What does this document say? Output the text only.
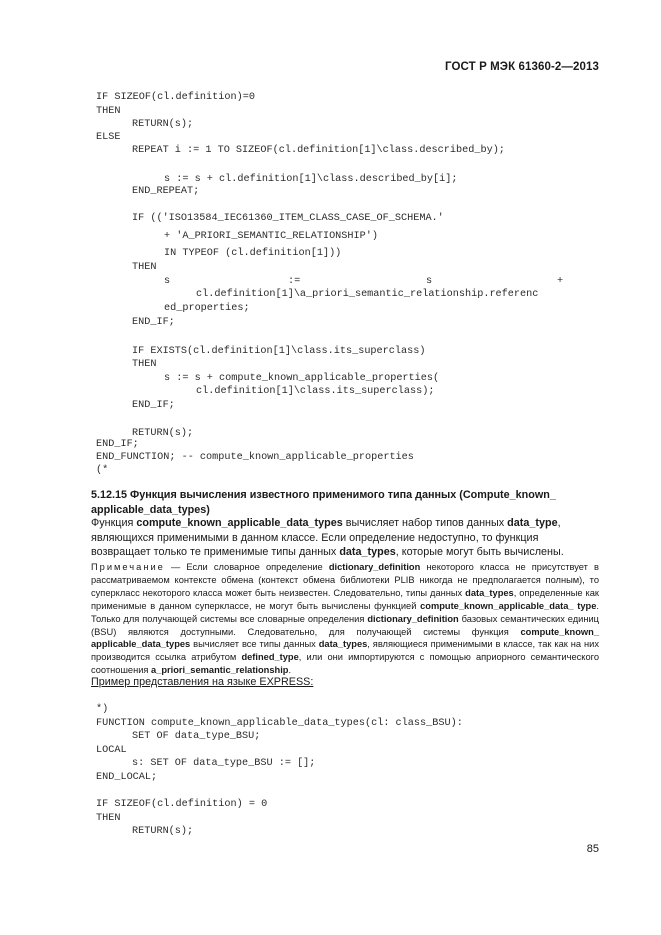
ГОСТ Р МЭК 61360-2—2013

IF SIZEOF(cl.definition)=0

THEN

RETURN(s);

ELSE

REPEAT i := 1 TO SIZEOF(cl.definition[1]\class.described_by);

s := s + cl.definition[1]\class.described_by[i];

END_REPEAT;

IF (('ISO13584_IEC61360_ITEM_CLASS_CASE_OF_SCHEMA.'

+ 'A_PRIORI_SEMANTIC_RELATIONSHIP')

IN TYPEOF (cl.definition[1]))

THEN

s

	:=

	s

	+

cl.definition[1]\a_priori_semantic_relationship.referenc

ed_properties;

END_IF;

IF EXISTS(cl.definition[1]\class.its_superclass)

THEN

s := s + compute_known_applicable_properties(

cl.definition[1]\class.its_superclass);

END_IF;

RETURN(s);

END_IF;

END_FUNCTION; -- compute_known_applicable_properties

(*

5.12.15 Функция вычисления известного применимого типа данных (Compute_known_ applicable_data_types)
Функция compute_known_applicable_data_types вычисляет набор типов данных data_type, являющихся применимыми в данном классе. Если определение недоступно, то функция возвращает только те применимые типы данных data_types, которые могут быть вычислены.
Примечание — Если словарное определение dictionary_definition некоторого класса не присутствует в рассматриваемом контексте обмена (контекст обмена библиотеки PLIB никогда не предполагается полным), то суперкласс некоторого класса может быть неизвестен. Следовательно, типы данных data_types, определенные как применимые в данном суперклассе, не могут быть вычислены функцией compute_known_applicable_data_ type. Только для получающей системы все словарные определения dictionary_definition базовых семантических единиц (BSU) являются доступными. Следовательно, для получающей системы функция compute_known_ applicable_data_types вычисляет все типы данных data_types, являющиеся применимыми в классе, так как на них производится ссылка атрибутом defined_type, или они импортируются с помощью априорного семантического соотношения a_priori_semantic_relationship.
Пример представления на языке EXPRESS:

*)

FUNCTION compute_known_applicable_data_types(cl: class_BSU):

SET OF data_type_BSU;

LOCAL

s: SET OF data_type_BSU := [];

END_LOCAL;

IF SIZEOF(cl.definition) = 0

THEN

RETURN(s);

85
